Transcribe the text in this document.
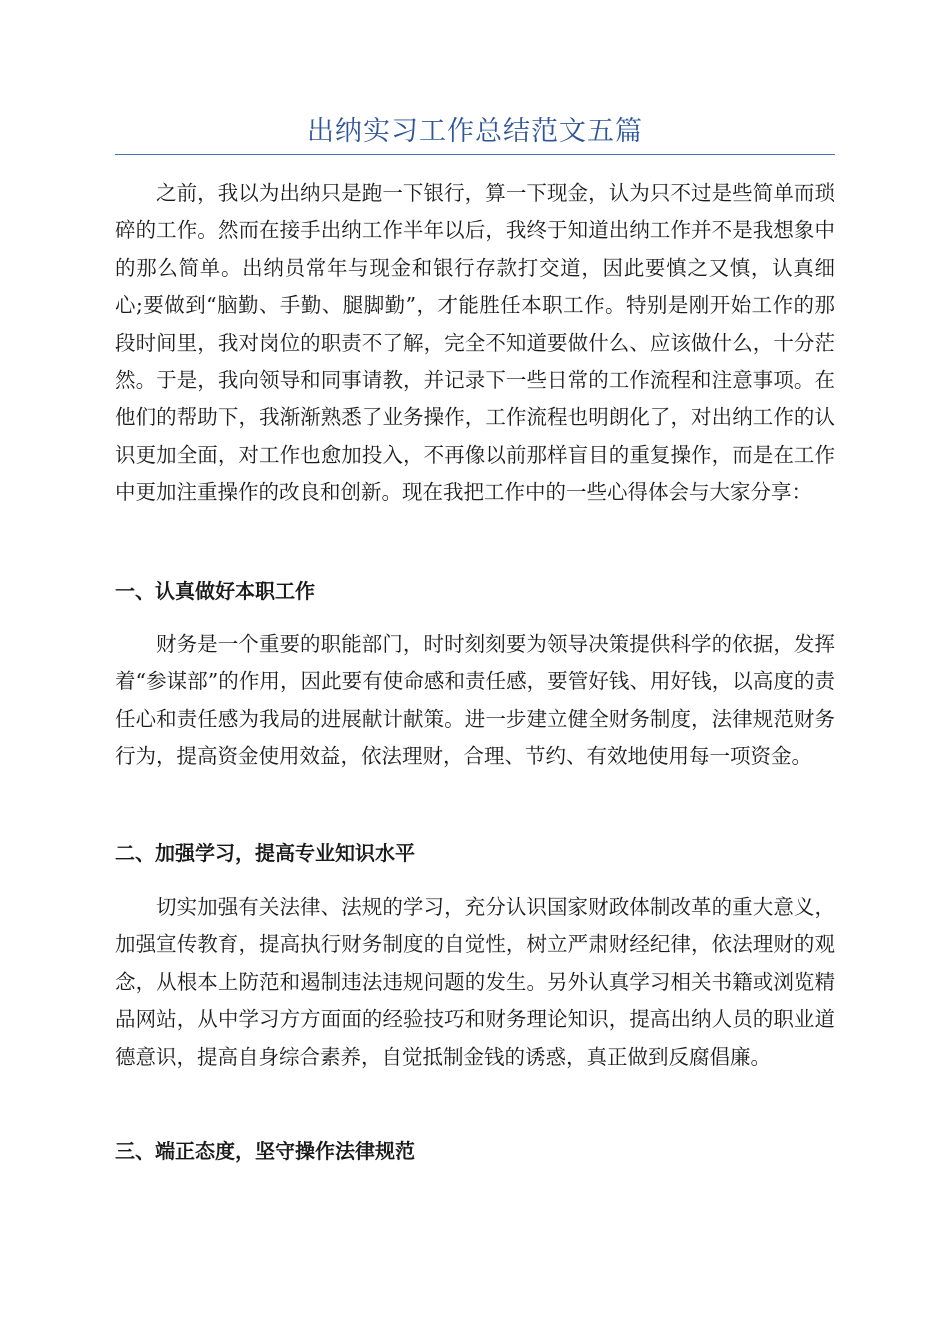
出纳实习工作总结范文五篇

之前，我以为出纳只是跑一下银行，算一下现金，认为只不过是些简单而琐碎的工作。然而在接手出纳工作半年以后，我终于知道出纳工作并不是我想象中的那么简单。出纳员常年与现金和银行存款打交道，因此要慎之又慎，认真细心;要做到“脑勤、手勤、腿脚勤”，才能胜任本职工作。特别是刚开始工作的那段时间里，我对岗位的职责不了解，完全不知道要做什么、应该做什么，十分茫然。于是，我向领导和同事请教，并记录下一些日常的工作流程和注意事项。在他们的帮助下，我渐渐熟悉了业务操作，工作流程也明朗化了，对出纳工作的认识更加全面，对工作也愈加投入，不再像以前那样盲目的重复操作，而是在工作中更加注重操作的改良和创新。现在我把工作中的一些心得体会与大家分享：

一、认真做好本职工作

财务是一个重要的职能部门，时时刻刻要为领导决策提供科学的依据，发挥着“参谋部”的作用，因此要有使命感和责任感，要管好钱、用好钱，以高度的责任心和责任感为我局的进展献计献策。进一步建立健全财务制度，法律规范财务行为，提高资金使用效益，依法理财，合理、节约、有效地使用每一项资金。

二、加强学习，提高专业知识水平

切实加强有关法律、法规的学习，充分认识国家财政体制改革的重大意义，加强宣传教育，提高执行财务制度的自觉性，树立严肃财经纪律，依法理财的观念，从根本上防范和遏制违法违规问题的发生。另外认真学习相关书籍或浏览精品网站，从中学习方方面面的经验技巧和财务理论知识，提高出纳人员的职业道德意识，提高自身综合素养，自觉抵制金钱的诱惑，真正做到反腐倡廉。

三、端正态度，坚守操作法律规范
